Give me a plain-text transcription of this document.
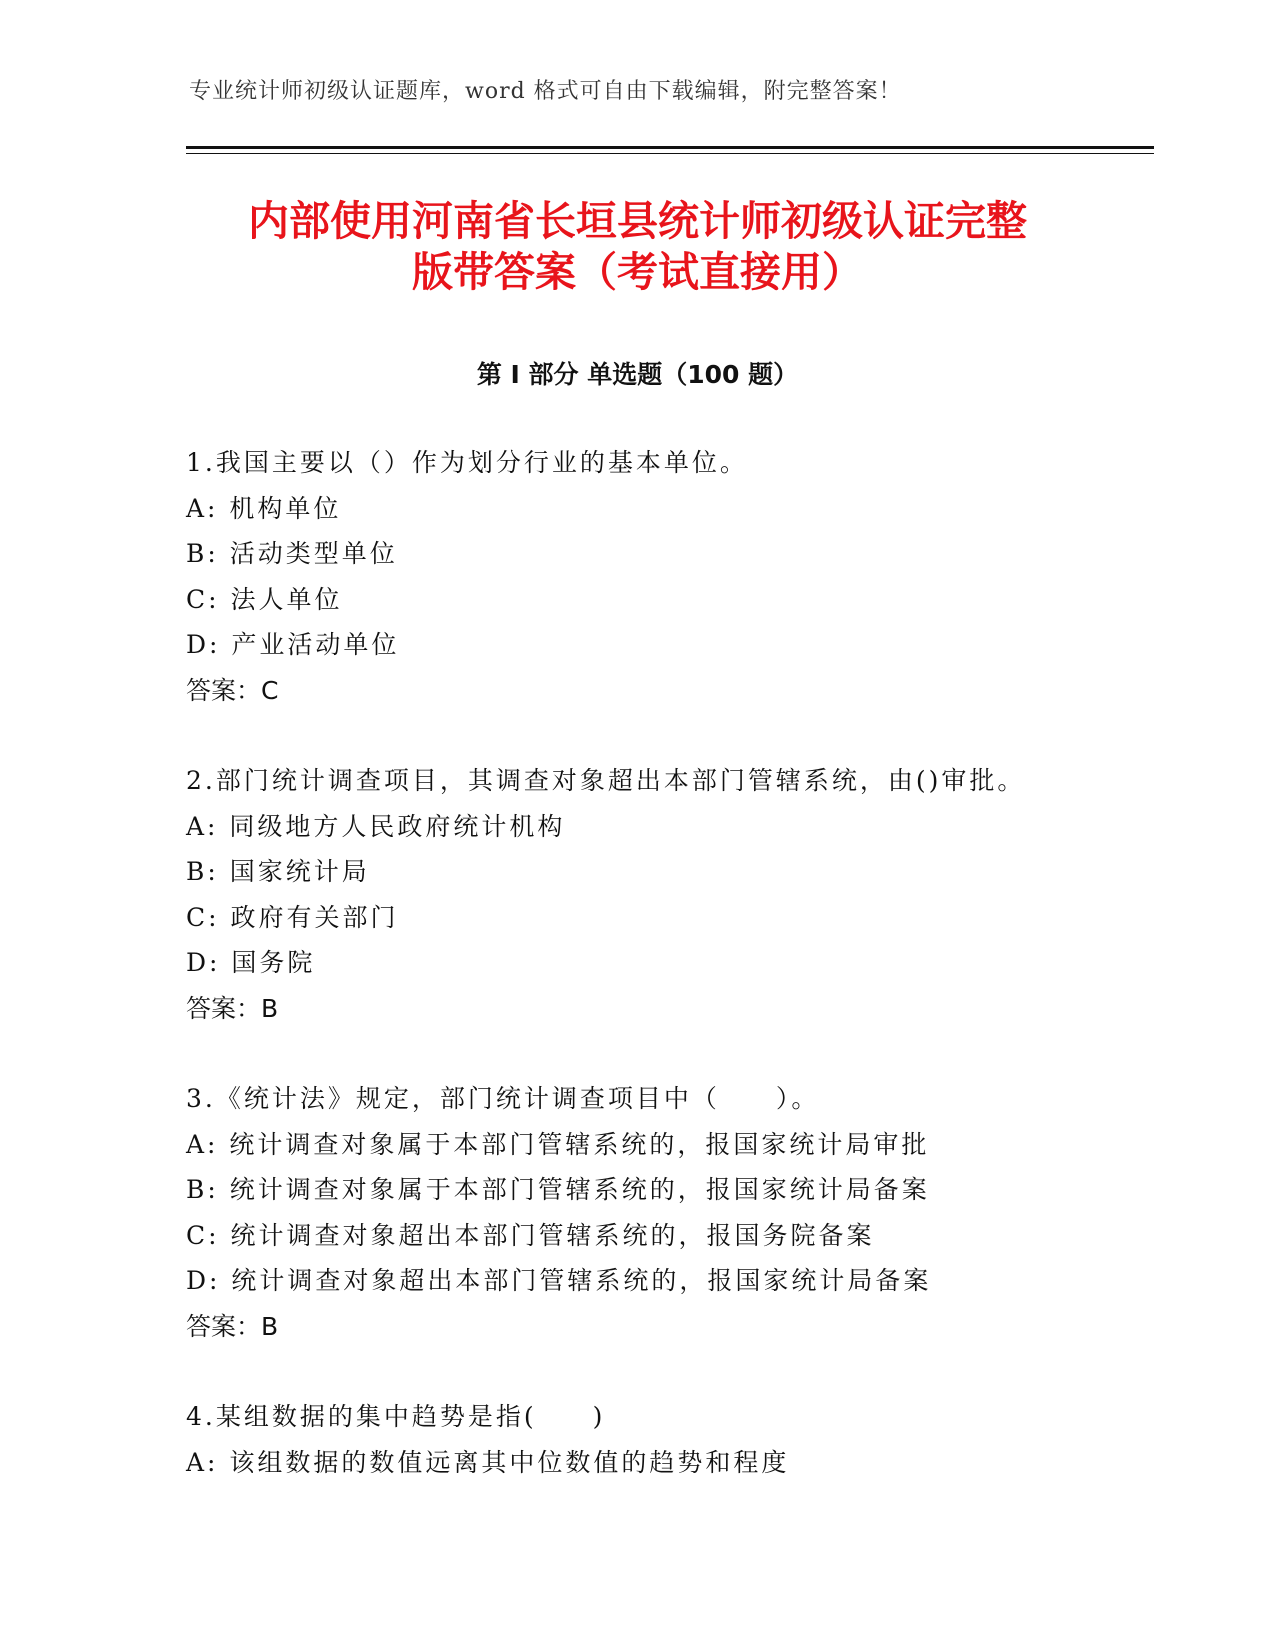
专业统计师初级认证题库，word 格式可自由下载编辑，附完整答案！
内部使用河南省长垣县统计师初级认证完整
版带答案（考试直接用）
第 I 部分 单选题（100 题）
1.我国主要以（）作为划分行业的基本单位。
A: 机构单位
B: 活动类型单位
C: 法人单位
D: 产业活动单位
答案：C
2.部门统计调查项目，其调查对象超出本部门管辖系统，由()审批。
A: 同级地方人民政府统计机构
B: 国家统计局
C: 政府有关部门
D: 国务院
答案：B
3.《统计法》规定，部门统计调查项目中（　　）。
A: 统计调查对象属于本部门管辖系统的，报国家统计局审批
B: 统计调查对象属于本部门管辖系统的，报国家统计局备案
C: 统计调查对象超出本部门管辖系统的，报国务院备案
D: 统计调查对象超出本部门管辖系统的，报国家统计局备案
答案：B
4.某组数据的集中趋势是指(　　)
A: 该组数据的数值远离其中位数值的趋势和程度
